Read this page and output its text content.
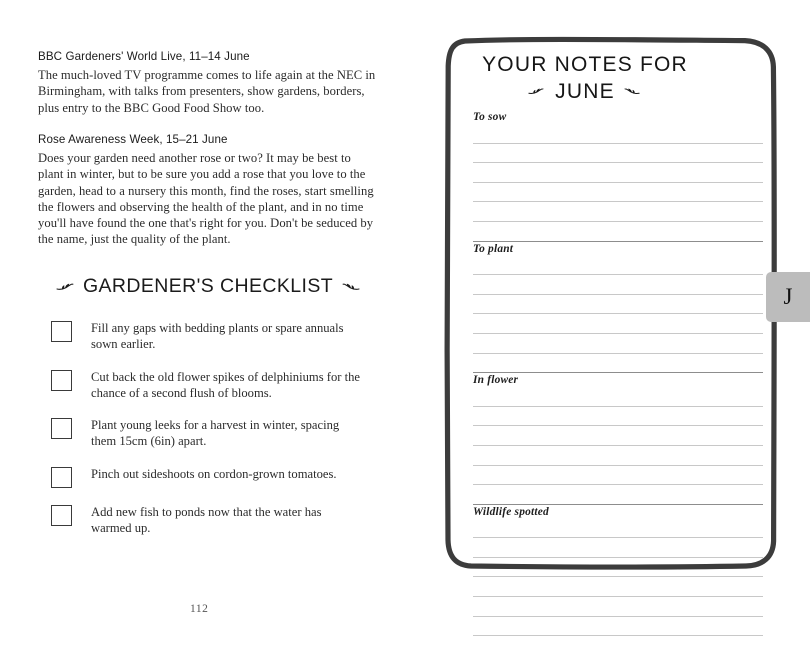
BBC Gardeners' World Live, 11–14 June

The much-loved TV programme comes to life again at the NEC in Birmingham, with talks from presenters, show gardens, borders, plus entry to the BBC Good Food Show too.

Rose Awareness Week, 15–21 June

Does your garden need another rose or two? It may be best to plant in winter, but to be sure you add a rose that you love to the garden, head to a nursery this month, find the roses, start smelling the flowers and observing the health of the plant, and in no time you'll have found the one that's right for you. Don't be seduced by the name, just the quality of the plant.

GARDENER'S CHECKLIST
Fill any gaps with bedding plants or spare annuals sown earlier.
Cut back the old flower spikes of delphiniums for the chance of a second flush of blooms.
Plant young leeks for a harvest in winter, spacing them 15cm (6in) apart.
Pinch out sideshoots on cordon-grown tomatoes.
Add new fish to ponds now that the water has warmed up.
112
YOUR NOTES FOR
JUNE
To sow
To plant
In flower
Wildlife spotted
J
